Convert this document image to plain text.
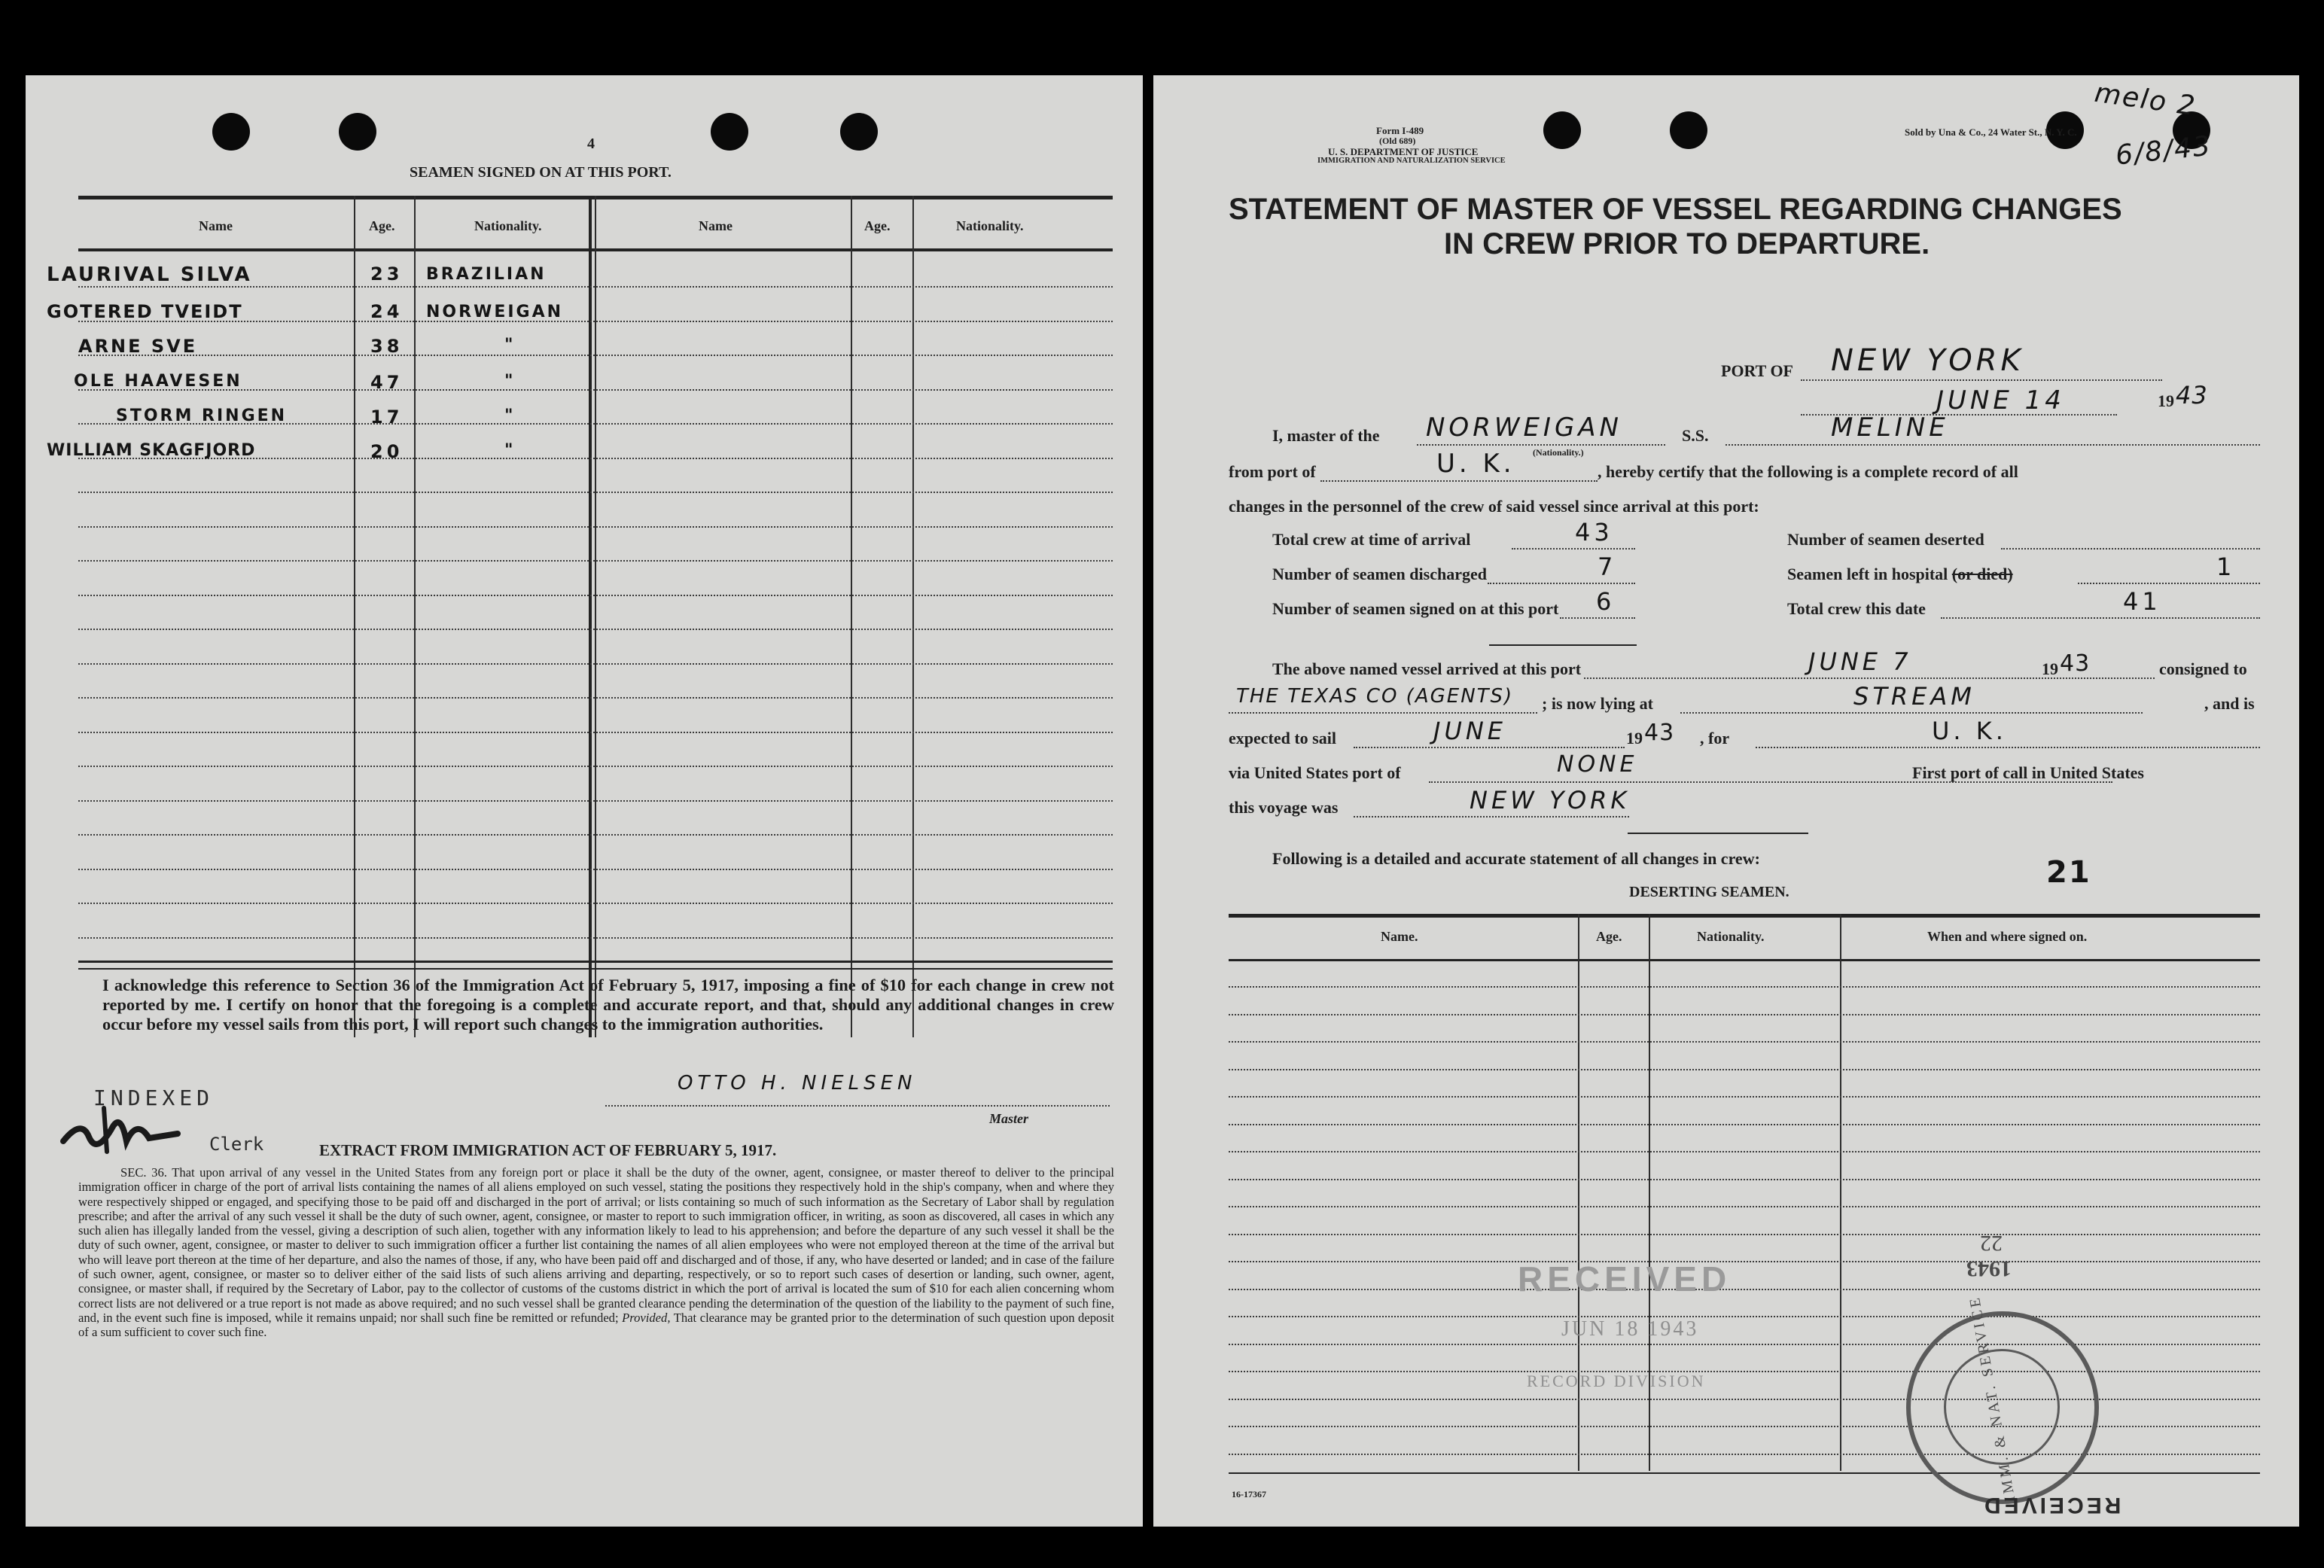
4
SEAMEN SIGNED ON AT THIS PORT.
Name	Age.	Nationality.	Name	Age.	Nationality.
LAURIVAL SILVA	23 BRAZILIAN
GOTERED TVEIDT	24 NORWEIGAN
ARNE SVE	38	"
OLE HAAVESEN	47	"
STORM RINGEN	17	"
WILLIAM SKAGFJORD	20	"
I acknowledge this reference to Section 36 of the Immigration Act of February 5, 1917, imposing a fine of $10 for each change in crew not reported by me. I certify on honor that the foregoing is a complete and accurate report, and that, should any additional changes in crew occur before my vessel sails from this port, I will report such changes to the immigration authorities.
OTTO H. NIELSEN
Master
INDEXED
Clerk	EXTRACT FROM IMMIGRATION ACT OF FEBRUARY 5, 1917.
SEC. 36. That upon arrival of any vessel in the United States from any foreign port or place it shall be the duty of the owner, agent, consignee, or master thereof to deliver to the principal immigration officer in charge of the port of arrival lists containing the names of all aliens employed on such vessel, stating the positions they respectively hold in the ship's company, when and where they were respectively shipped or engaged, and specifying those to be paid off and discharged in the port of arrival; or lists containing so much of such information as the Secretary of Labor shall by regulation prescribe; and after the arrival of any such vessel it shall be the duty of such owner, agent, consignee, or master to report to such immigration officer, in writing, as soon as discovered, all cases in which any such alien has illegally landed from the vessel, giving a description of such alien, together with any information likely to lead to his apprehension; and before the departure of any such vessel it shall be the duty of such owner, agent, consignee, or master to deliver to such immigration officer a further list containing the names of all alien employees who were not employed thereon at the time of the arrival but who will leave port thereon at the time of her departure, and also the names of those, if any, who have been paid off and discharged and of those, if any, who have deserted or landed; and in case of the failure of such owner, agent, consignee, or master so to deliver either of the said lists of such aliens arriving and departing, respectively, or so to report such cases of desertion or landing, such owner, agent, consignee, or master shall, if required by the Secretary of Labor, pay to the collector of customs of the customs district in which the port of arrival is located the sum of $10 for each alien concerning whom correct lists are not delivered or a true report is not made as above required; and no such vessel shall be granted clearance pending the determination of the question of the liability to the payment of such fine, and, in the event such fine is imposed, while it remains unpaid; nor shall such fine be remitted or refunded; Provided, That clearance may be granted prior to the determination of such question upon deposit of a sum sufficient to cover such fine.
Form I-489
(Old 689)
U. S. DEPARTMENT OF JUSTICE
IMMIGRATION AND NATURALIZATION SERVICE
Sold by Una & Co., 24 Water St., N. Y. C.
melo 2
6/8/43
STATEMENT OF MASTER OF VESSEL REGARDING CHANGES
IN CREW PRIOR TO DEPARTURE.
PORT OF NEW YORK
JUNE 14	19 43
I, master of the NORWEIGAN
(Nationality.)
S.S.	MELINE
from port of	U. K.	, hereby certify that the following is a complete record of all
changes in the personnel of the crew of said vessel since arrival at this port:
Total crew at time of arrival	43	Number of seamen deserted
Number of seamen discharged	7	Seamen left in hospital (or died)	1
Number of seamen signed on at this port 6	Total crew this date	41
The above named vessel arrived at this port	JUNE 7	19 43	consigned to
THE TEXAS CO (AGENTS) ; is now lying at	STREAM	, and is
expected to sail	JUNE	19 43 , for	U. K.
via United States port of	NONE	First port of call in United States
this voyage was	NEW YORK
Following is a detailed and accurate statement of all changes in crew:	21
DESERTING SEAMEN.
Name.	Age.	Nationality.	When and where signed on.
RECEIVED
JUN 18 1943
RECORD DIVISION	IMM. & NAT. SERVICE
1943
22
RECEIVED
16-17367
